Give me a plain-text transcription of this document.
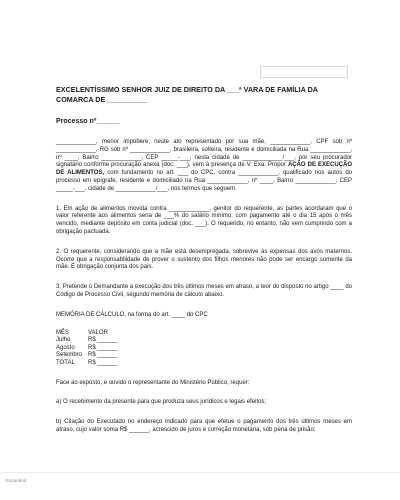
EXCELENTÍSSIMO SENHOR JUIZ DE DIREITO DA ___ª VARA DE FAMÍLIA DA COMARCA DE __________
Processo nº______

____________, menor impúbere, neste ato representado por sua mãe, ____________, CPF sob nº ____________, RG sob nº ____________, brasileira, solteira, residente e domiciliada na Rua ____________, nº ____, Bairro ____________, CEP _____-___, nesta cidade de ____________/___, por seu procurador signatário conforme procuração anexa (doc. ___), vem à presença de V. Exa. Propor AÇÃO DE EXECUÇÃO DE ALIMENTOS, com fundamento no art. ___ do CPC, contra ____________, qualificado nos autos do processo em epígrafe, residente e domiciliado na Rua ____________, nº ____, Bairro ____________, CEP _____-___, cidade de ____________/___, nos termos que seguem.

1. Em ação de alimentos movida contra ____________, genitor do requerente, as partes acordaram que o valor referente aos alimentos seria de ___% do salário mínimo, com pagamento até o dia 15 após o mês vencido, mediante depósito em conta judicial (doc. ___). O requerido, no entanto, não vem cumprindo com a obrigação pactuada.

2. O requerente, considerando que a mãe está desempregada, sobrevive às expensas dos avós maternos. Ocorre que a responsabilidade de prover o sustento dos filhos menores não pode ser encargo somente da mãe. É obrigação conjunta dos pais.

3. Pretende o Demandante a execução dos três últimos meses em atraso, a teor do disposto no artigo ____ do Código de Processo Civil, segundo memória de cálculo abaixo.

MEMÓRIA DE CÁLCULO, na forma do art. ____ do CPC

MÊS	VALOR
Julho	R$ ______
Agosto	R$ ______
Setembro	R$ ______
TOTAL	R$ ______

Face ao exposto, e ouvido o representante do Ministério Público, requer:

a) O recebimento da presente para que produza seus jurídicos e legais efeitos;

b) Citação do Executado no endereço indicado para que efetue o pagamento dos três últimos meses em atraso, cujo valor soma R$ ______, acrescido de juros e correção monetária, sob pena de prisão;

Expandud
